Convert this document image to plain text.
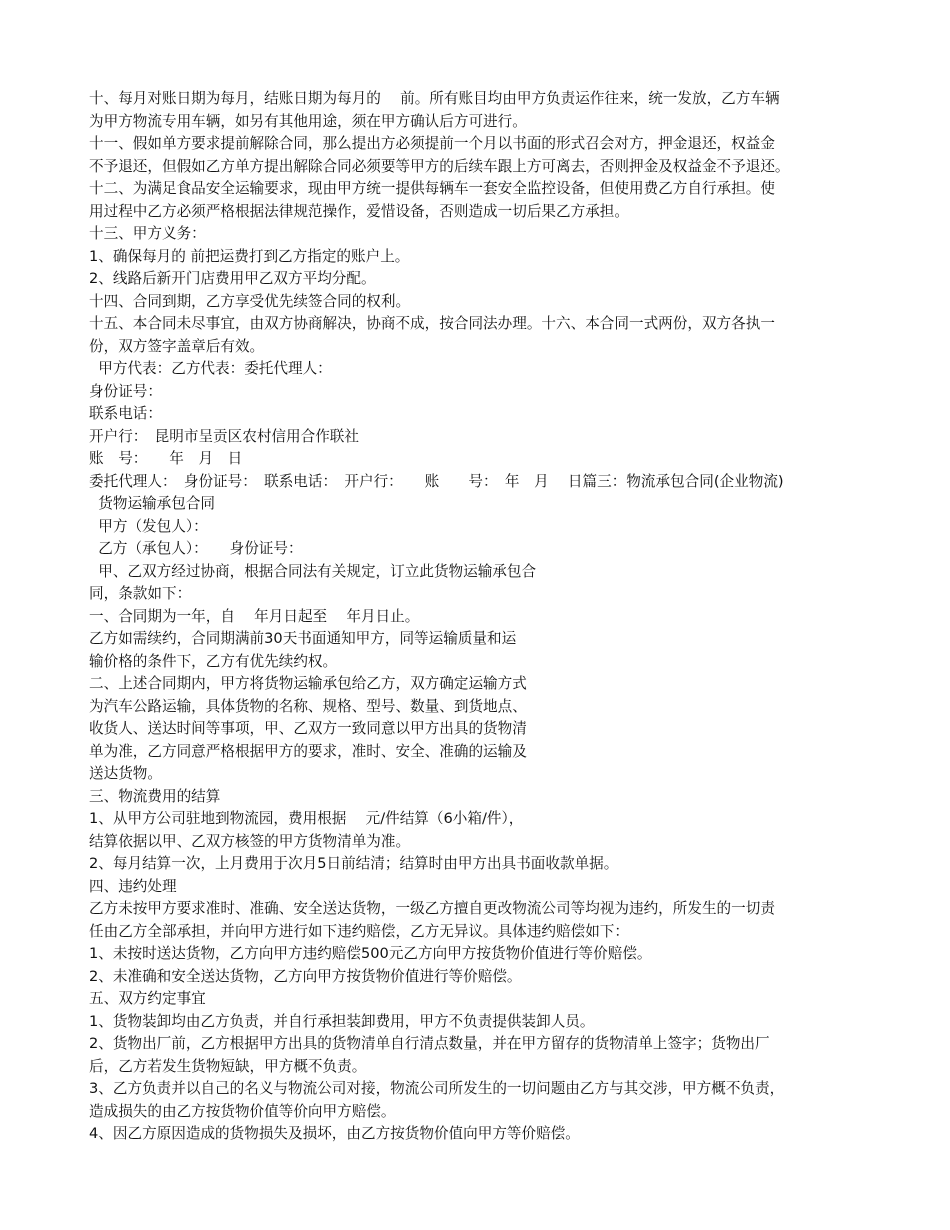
十、每月对账日期为每月，结账日期为每月的　 前。所有账目均由甲方负责运作往来，统一发放，乙方车辆
为甲方物流专用车辆，如另有其他用途，须在甲方确认后方可进行。
十一、假如单方要求提前解除合同，那么提出方必须提前一个月以书面的形式召会对方，押金退还，权益金
不予退还，但假如乙方单方提出解除合同必须要等甲方的后续车跟上方可离去，否则押金及权益金不予退还。
十二、为满足食品安全运输要求，现由甲方统一提供每辆车一套安全监控设备，但使用费乙方自行承担。使
用过程中乙方必须严格根据法律规范操作，爱惜设备，否则造成一切后果乙方承担。
十三、甲方义务：
1、确保每月的 前把运费打到乙方指定的账户上。
2、线路后新开门店费用甲乙双方平均分配。
十四、合同到期，乙方享受优先续签合同的权利。
十五、本合同未尽事宜，由双方协商解决，协商不成，按合同法办理。十六、本合同一式两份，双方各执一
份，双方签字盖章后有效。
甲方代表：乙方代表：委托代理人：
身份证号：
联系电话：
开户行：　昆明市呈贡区农村信用合作联社
账　号：　　年　月　日
委托代理人：　身份证号：　联系电话：　开户行：　　账　　号：　年　月　 日篇三：物流承包合同(企业物流)
货物运输承包合同
甲方（发包人）：
乙方（承包人）：　　身份证号：
甲、乙双方经过协商，根据合同法有关规定，订立此货物运输承包合
同，条款如下：
一、合同期为一年，自　 年月日起至　 年月日止。
乙方如需续约，合同期满前30天书面通知甲方，同等运输质量和运
输价格的条件下，乙方有优先续约权。
二、上述合同期内，甲方将货物运输承包给乙方，双方确定运输方式
为汽车公路运输，具体货物的名称、规格、型号、数量、到货地点、
收货人、送达时间等事项，甲、乙双方一致同意以甲方出具的货物清
单为准，乙方同意严格根据甲方的要求，准时、安全、准确的运输及
送达货物。
三、物流费用的结算
1、从甲方公司驻地到物流园，费用根据　 元/件结算（6小箱/件），
结算依据以甲、乙双方核签的甲方货物清单为准。
2、每月结算一次，上月费用于次月5日前结清；结算时由甲方出具书面收款单据。
四、违约处理
乙方未按甲方要求准时、准确、安全送达货物，一级乙方擅自更改物流公司等均视为违约，所发生的一切责
任由乙方全部承担，并向甲方进行如下违约赔偿，乙方无异议。具体违约赔偿如下：
1、未按时送达货物，乙方向甲方违约赔偿500元乙方向甲方按货物价值进行等价赔偿。
2、未准确和安全送达货物，乙方向甲方按货物价值进行等价赔偿。
五、双方约定事宜
1、货物装卸均由乙方负责，并自行承担装卸费用，甲方不负责提供装卸人员。
2、货物出厂前，乙方根据甲方出具的货物清单自行清点数量，并在甲方留存的货物清单上签字；货物出厂
后，乙方若发生货物短缺，甲方概不负责。
3、乙方负责并以自己的名义与物流公司对接，物流公司所发生的一切问题由乙方与其交涉，甲方概不负责，
造成损失的由乙方按货物价值等价向甲方赔偿。
4、因乙方原因造成的货物损失及损坏，由乙方按货物价值向甲方等价赔偿。
